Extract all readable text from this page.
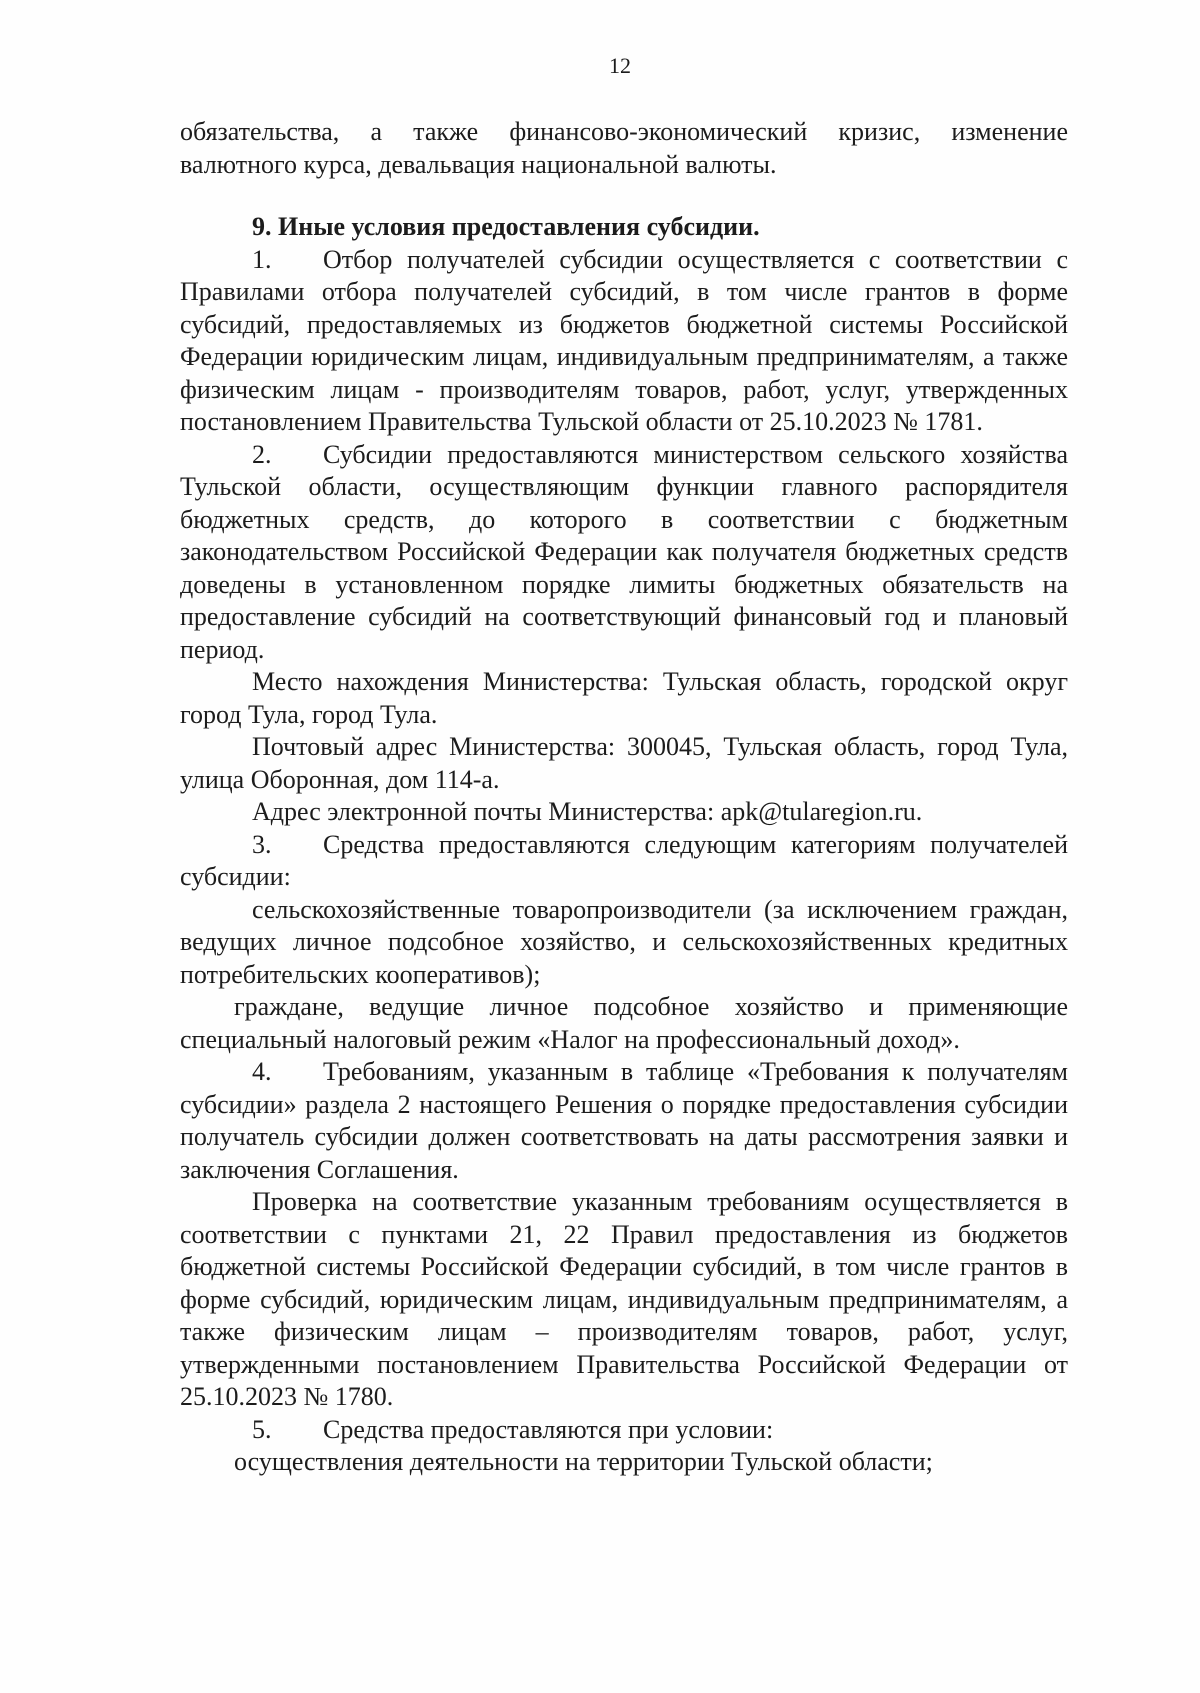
12

обязательства, а также финансово-экономический кризис, изменение валютного курса, девальвация национальной валюты.

9. Иные условия предоставления субсидии.

1. Отбор получателей субсидии осуществляется с соответствии с Правилами отбора получателей субсидий, в том числе грантов в форме субсидий, предоставляемых из бюджетов бюджетной системы Российской Федерации юридическим лицам, индивидуальным предпринимателям, а также физическим лицам - производителям товаров, работ, услуг, утвержденных постановлением Правительства Тульской области от 25.10.2023 № 1781.

2. Субсидии предоставляются министерством сельского хозяйства Тульской области, осуществляющим функции главного распорядителя бюджетных средств, до которого в соответствии с бюджетным законодательством Российской Федерации как получателя бюджетных средств доведены в установленном порядке лимиты бюджетных обязательств на предоставление субсидий на соответствующий финансовый год и плановый период.

Место нахождения Министерства: Тульская область, городской округ город Тула, город Тула.

Почтовый адрес Министерства: 300045, Тульская область, город Тула, улица Оборонная, дом 114-а.

Адрес электронной почты Министерства: apk@tularegion.ru.

3. Средства предоставляются следующим категориям получателей субсидии:

сельскохозяйственные товаропроизводители (за исключением граждан, ведущих личное подсобное хозяйство, и сельскохозяйственных кредитных потребительских кооперативов);

граждане, ведущие личное подсобное хозяйство и применяющие специальный налоговый режим «Налог на профессиональный доход».

4. Требованиям, указанным в таблице «Требования к получателям субсидии» раздела 2 настоящего Решения о порядке предоставления субсидии получатель субсидии должен соответствовать на даты рассмотрения заявки и заключения Соглашения.

Проверка на соответствие указанным требованиям осуществляется в соответствии с пунктами 21, 22 Правил предоставления из бюджетов бюджетной системы Российской Федерации субсидий, в том числе грантов в форме субсидий, юридическим лицам, индивидуальным предпринимателям, а также физическим лицам – производителям товаров, работ, услуг, утвержденными постановлением Правительства Российской Федерации от 25.10.2023 № 1780.

5. Средства предоставляются при условии:

осуществления деятельности на территории Тульской области;
